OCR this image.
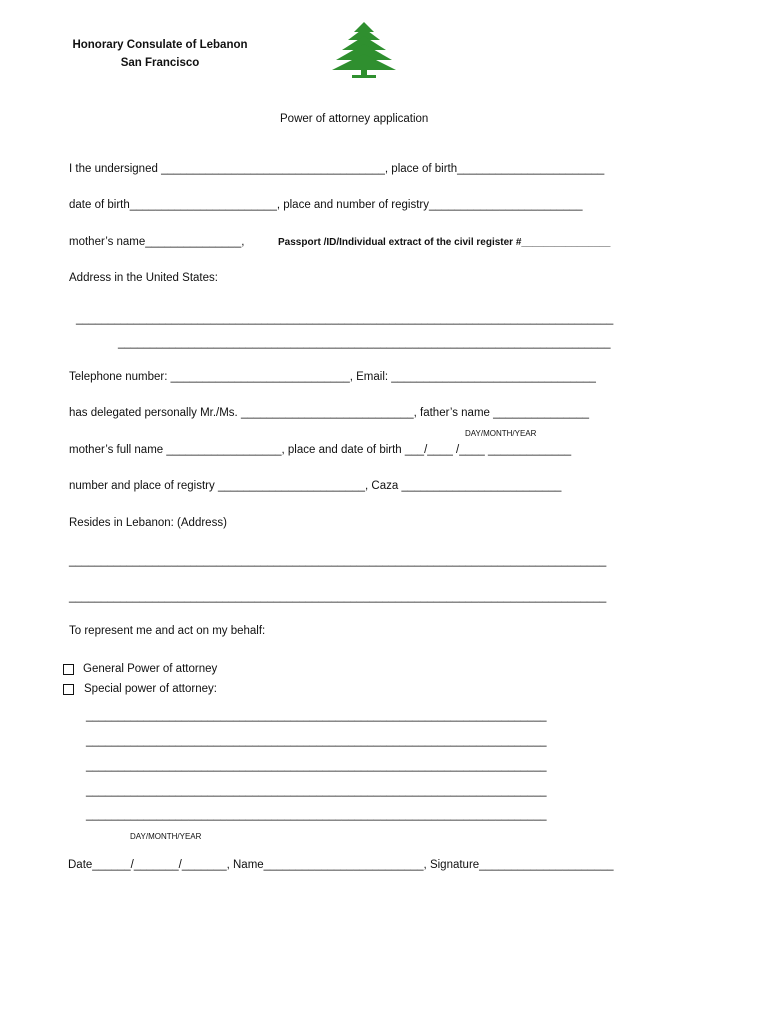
Honorary Consulate of Lebanon
San Francisco
Power of attorney application
I the undersigned ___________________________________, place of birth_______________________
date of birth_______________________, place and number of registry________________________
mother’s name_______________,	Passport /ID/Individual extract of the civil register #________________
Address in the United States:
____________________________________________________________________________________
_____________________________________________________________________________
Telephone number: ____________________________, Email: ________________________________
has delegated personally Mr./Ms. ___________________________, father’s name _______________
DAY/MONTH/YEAR
mother’s full name __________________, place and date of birth ___/____ /____ _____________
number and place of registry _______________________, Caza _________________________
Resides in Lebanon: (Address)
____________________________________________________________________________________
____________________________________________________________________________________
To represent me and act on my behalf:
General Power of attorney
Special power of attorney:
________________________________________________________________________
________________________________________________________________________
________________________________________________________________________
________________________________________________________________________
________________________________________________________________________
DAY/MONTH/YEAR
Date______/_______/_______, Name_________________________, Signature_____________________
